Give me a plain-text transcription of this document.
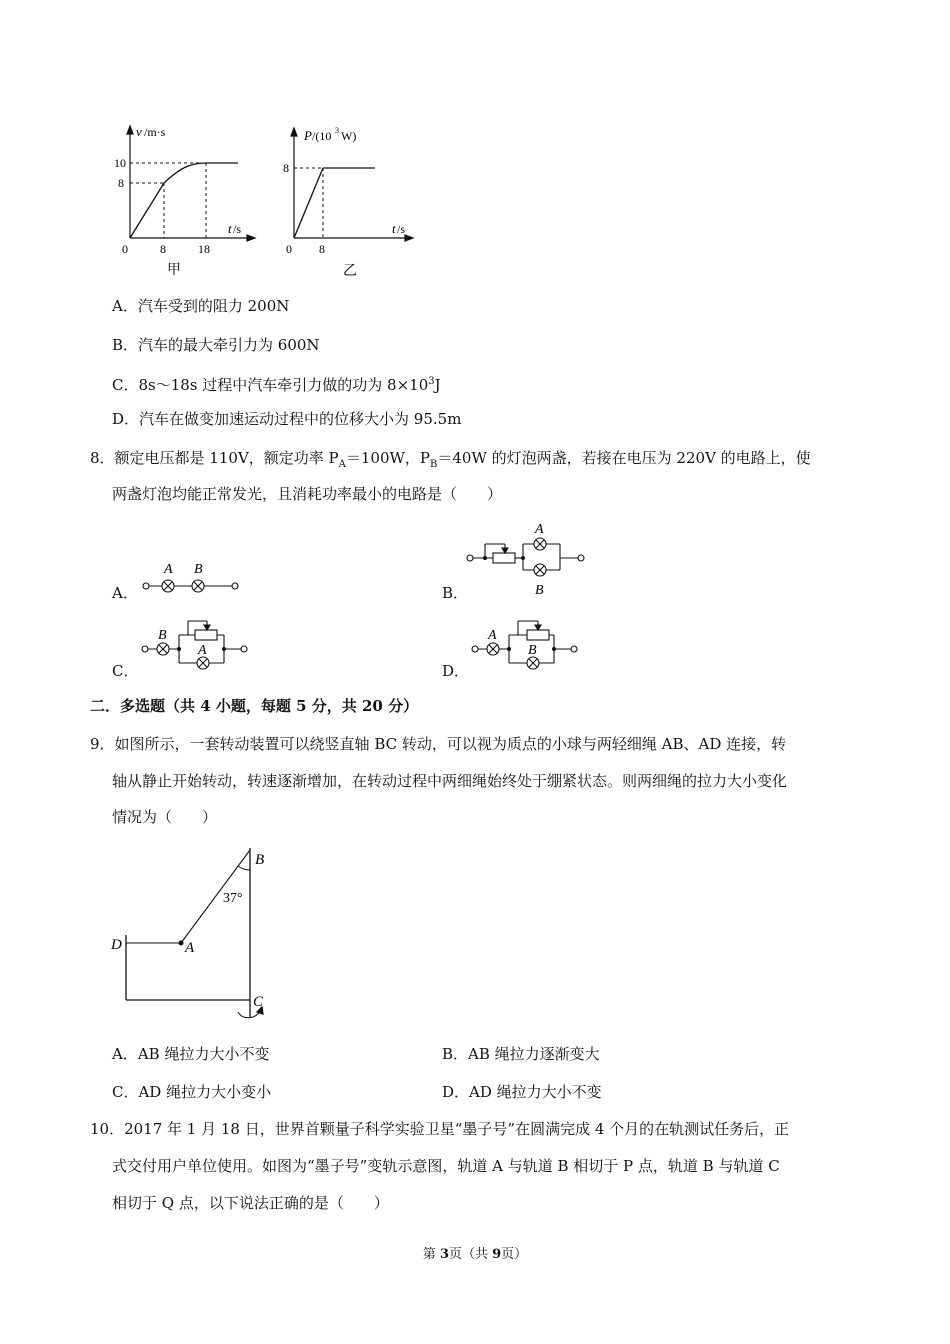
v /m·s
10
8
t /s
0	8	18
甲
P /(10 3 W)
8
t /s
0 8
乙
A．汽车受到的阻力 200N
B．汽车的最大牵引力为 600N
C．8s～18s 过程中汽车牵引力做的功为 $8\times 10^3J$
D．汽车在做变加速运动过程中的位移大小为 95.5m
8．额定电压都是 110V，额定功率 $P_A=100W$，$P_B=40W$ 的灯泡两盏，若接在电压为 220V 的电路上，使
两盏灯泡均能正常发光，且消耗功率最小的电路是（　　）
A．	B．
C．	D．
A B
A
B
B
A
A
B
二．多选题（共 4 小题，每题 5 分，共 20 分）
9．如图所示，一套转动装置可以绕竖直轴 BC 转动，可以视为质点的小球与两轻细绳 AB、AD 连接，转
轴从静止开始转动，转速逐渐增加，在转动过程中两细绳始终处于绷紧状态。则两细绳的拉力大小变化
情况为（　　）
B
37°
D	A
C
A．AB 绳拉力大小不变	B．AB 绳拉力逐渐变大
C．AD 绳拉力大小变小	D．AD 绳拉力大小不变
10．2017 年 1 月 18 日，世界首颗量子科学实验卫星“墨子号”在圆满完成 4 个月的在轨测试任务后，正
式交付用户单位使用。如图为“墨子号”变轨示意图，轨道 A 与轨道 B 相切于 P 点，轨道 B 与轨道 C
相切于 Q 点，以下说法正确的是（　　）
第 3页（共 9页）
